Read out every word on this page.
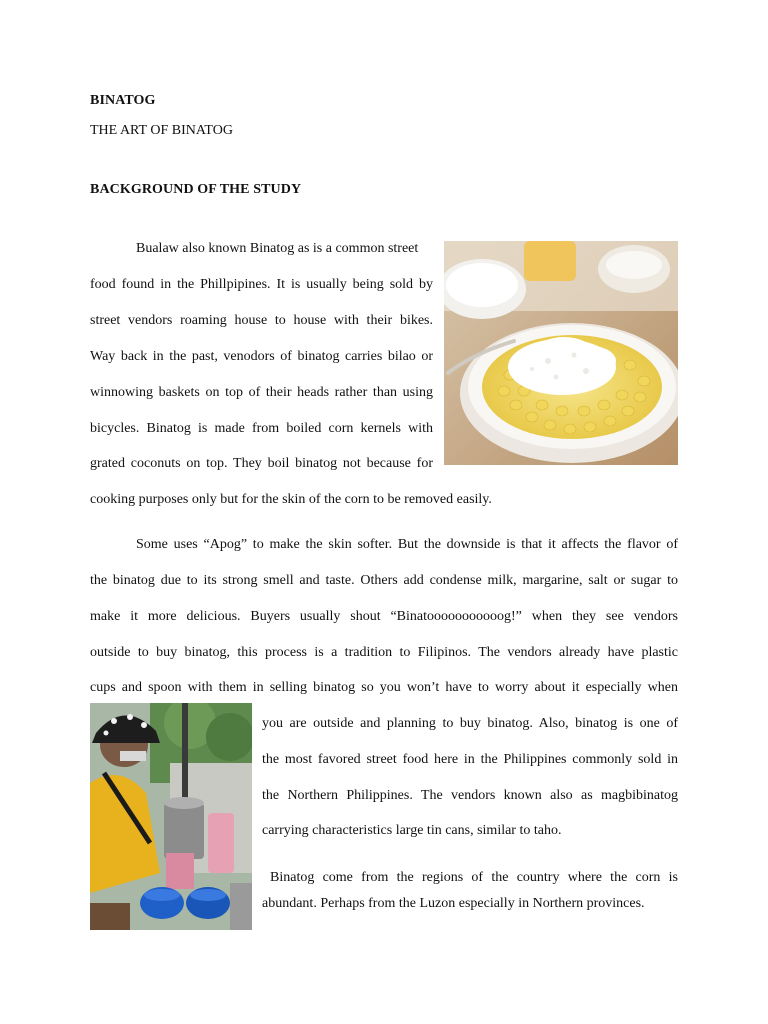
BINATOG
THE ART OF BINATOG
BACKGROUND OF THE STUDY
Bualaw also known Binatog as is a common street
food found in the Phillpipines. It is usually being sold by
street vendors roaming house to house with their bikes.
Way back in the past, venodors of binatog carries bilao or
winnowing baskets on top of their heads rather than using
bicycles. Binatog is made from boiled corn kernels with
grated coconuts on top. They boil binatog not because for
cooking purposes only but for the skin of the corn to be removed easily.
Some uses “Apog” to make the skin softer. But the downside is that it affects the flavor of
the binatog due to its strong smell and taste. Others add condense milk, margarine, salt or sugar to
make it more delicious. Buyers usually shout “Binatooooooooooog!” when they see vendors
outside to buy binatog, this process is a tradition to Filipinos. The vendors already have plastic
cups and spoon with them in selling binatog so you won’t have to worry about it especially when
you are outside and planning to buy binatog. Also, binatog is one of
the most favored street food here in the Philippines commonly sold in
the Northern Philippines. The vendors known also as magbibinatog
carrying characteristics large tin cans, similar to taho.
Binatog come from the regions of the country where the corn is
abundant. Perhaps from the Luzon especially in Northern provinces.
